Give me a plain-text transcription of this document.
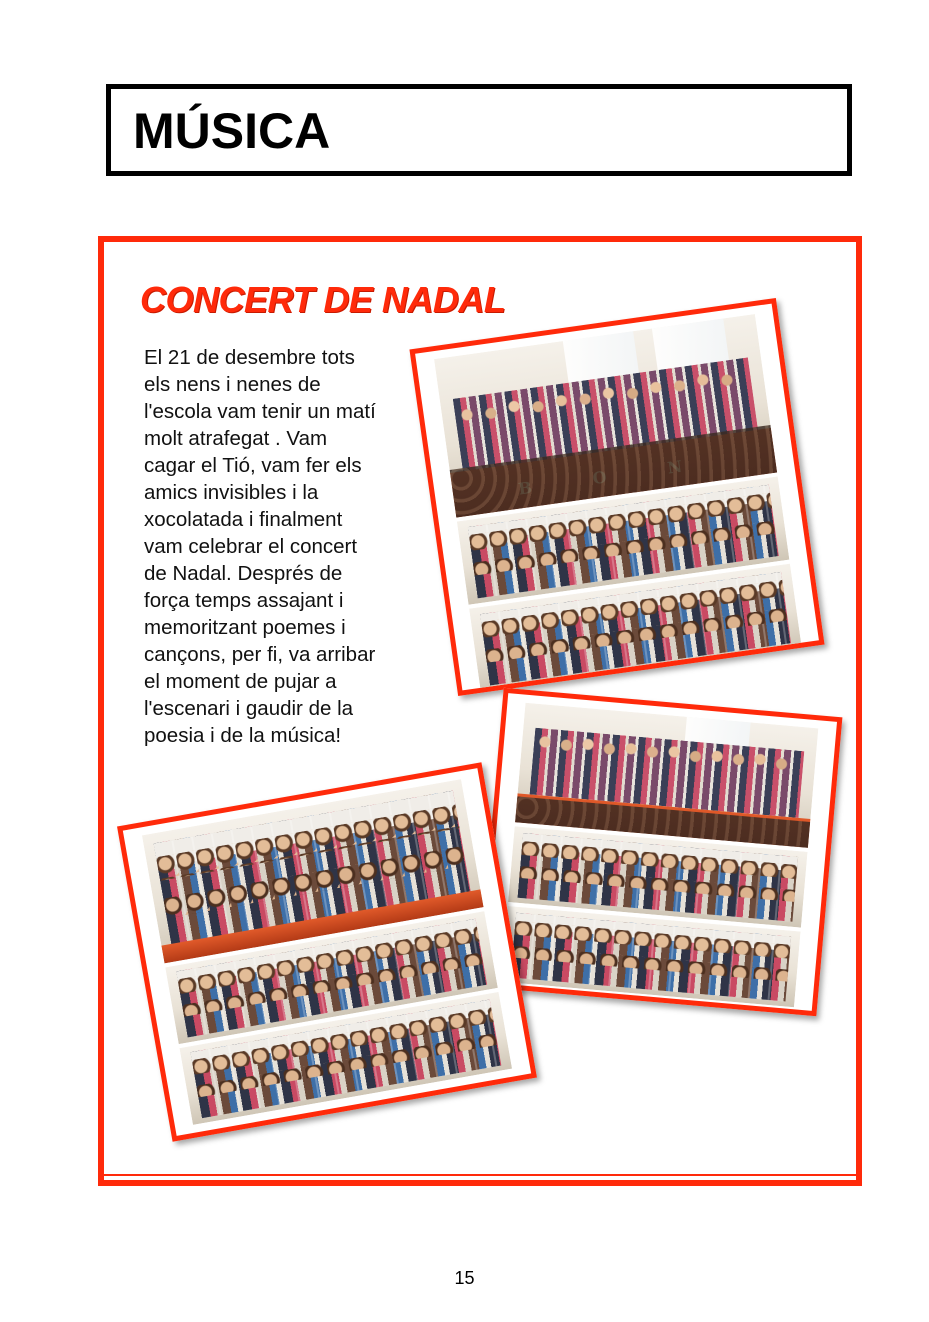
MÚSICA
CONCERT DE NADAL

El 21 de desembre tots
els nens i nenes de
l'escola vam tenir un matí
molt atrafegat . Vam
cagar el Tió, vam fer els
amics invisibles i la
xocolatada i finalment
vam celebrar el concert
de Nadal. Després de
força temps assajant i
memoritzant poemes i
cançons, per fi, va arribar
el moment de pujar a
l'escenari i gaudir de la
poesia i de la música!

15
